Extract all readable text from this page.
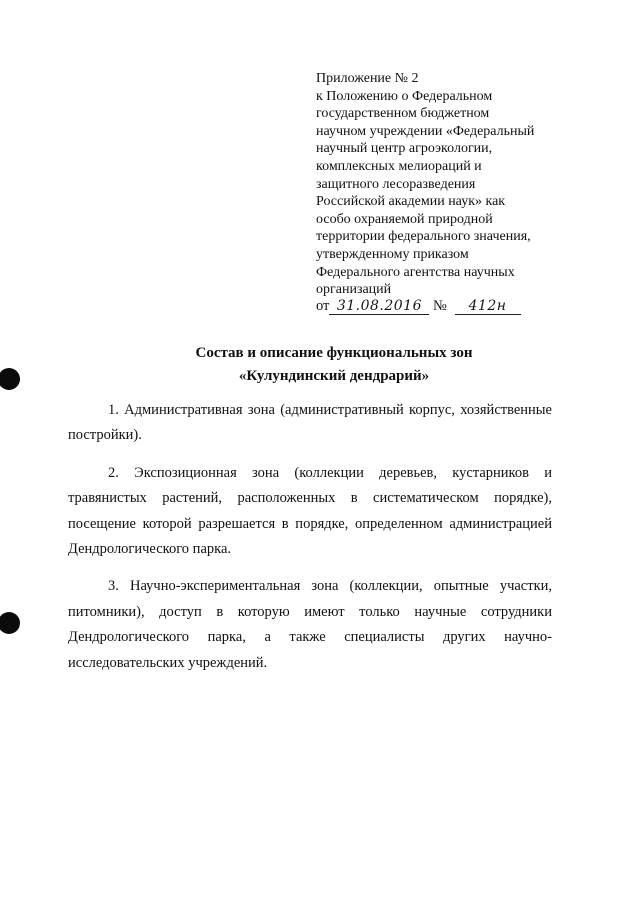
Приложение № 2
к Положению о Федеральном
государственном бюджетном
научном учреждении «Федеральный
научный центр агроэкологии,
комплексных мелиораций и
защитного лесоразведения
Российской академии наук» как
особо охраняемой природной
территории федерального значения,
утвержденному приказом
Федерального агентства научных
организаций
от 31.08.2016 № 412н
Состав и описание функциональных зон
«Кулундинский дендрарий»

1. Административная зона (административный корпус, хозяйственные постройки).

2. Экспозиционная зона (коллекции деревьев, кустарников и травянистых растений, расположенных в систематическом порядке), посещение которой разрешается в порядке, определенном администрацией Дендрологического парка.

3. Научно-экспериментальная зона (коллекции, опытные участки, питомники), доступ в которую имеют только научные сотрудники Дендрологического парка, а также специалисты других научно-исследовательских учреждений.
